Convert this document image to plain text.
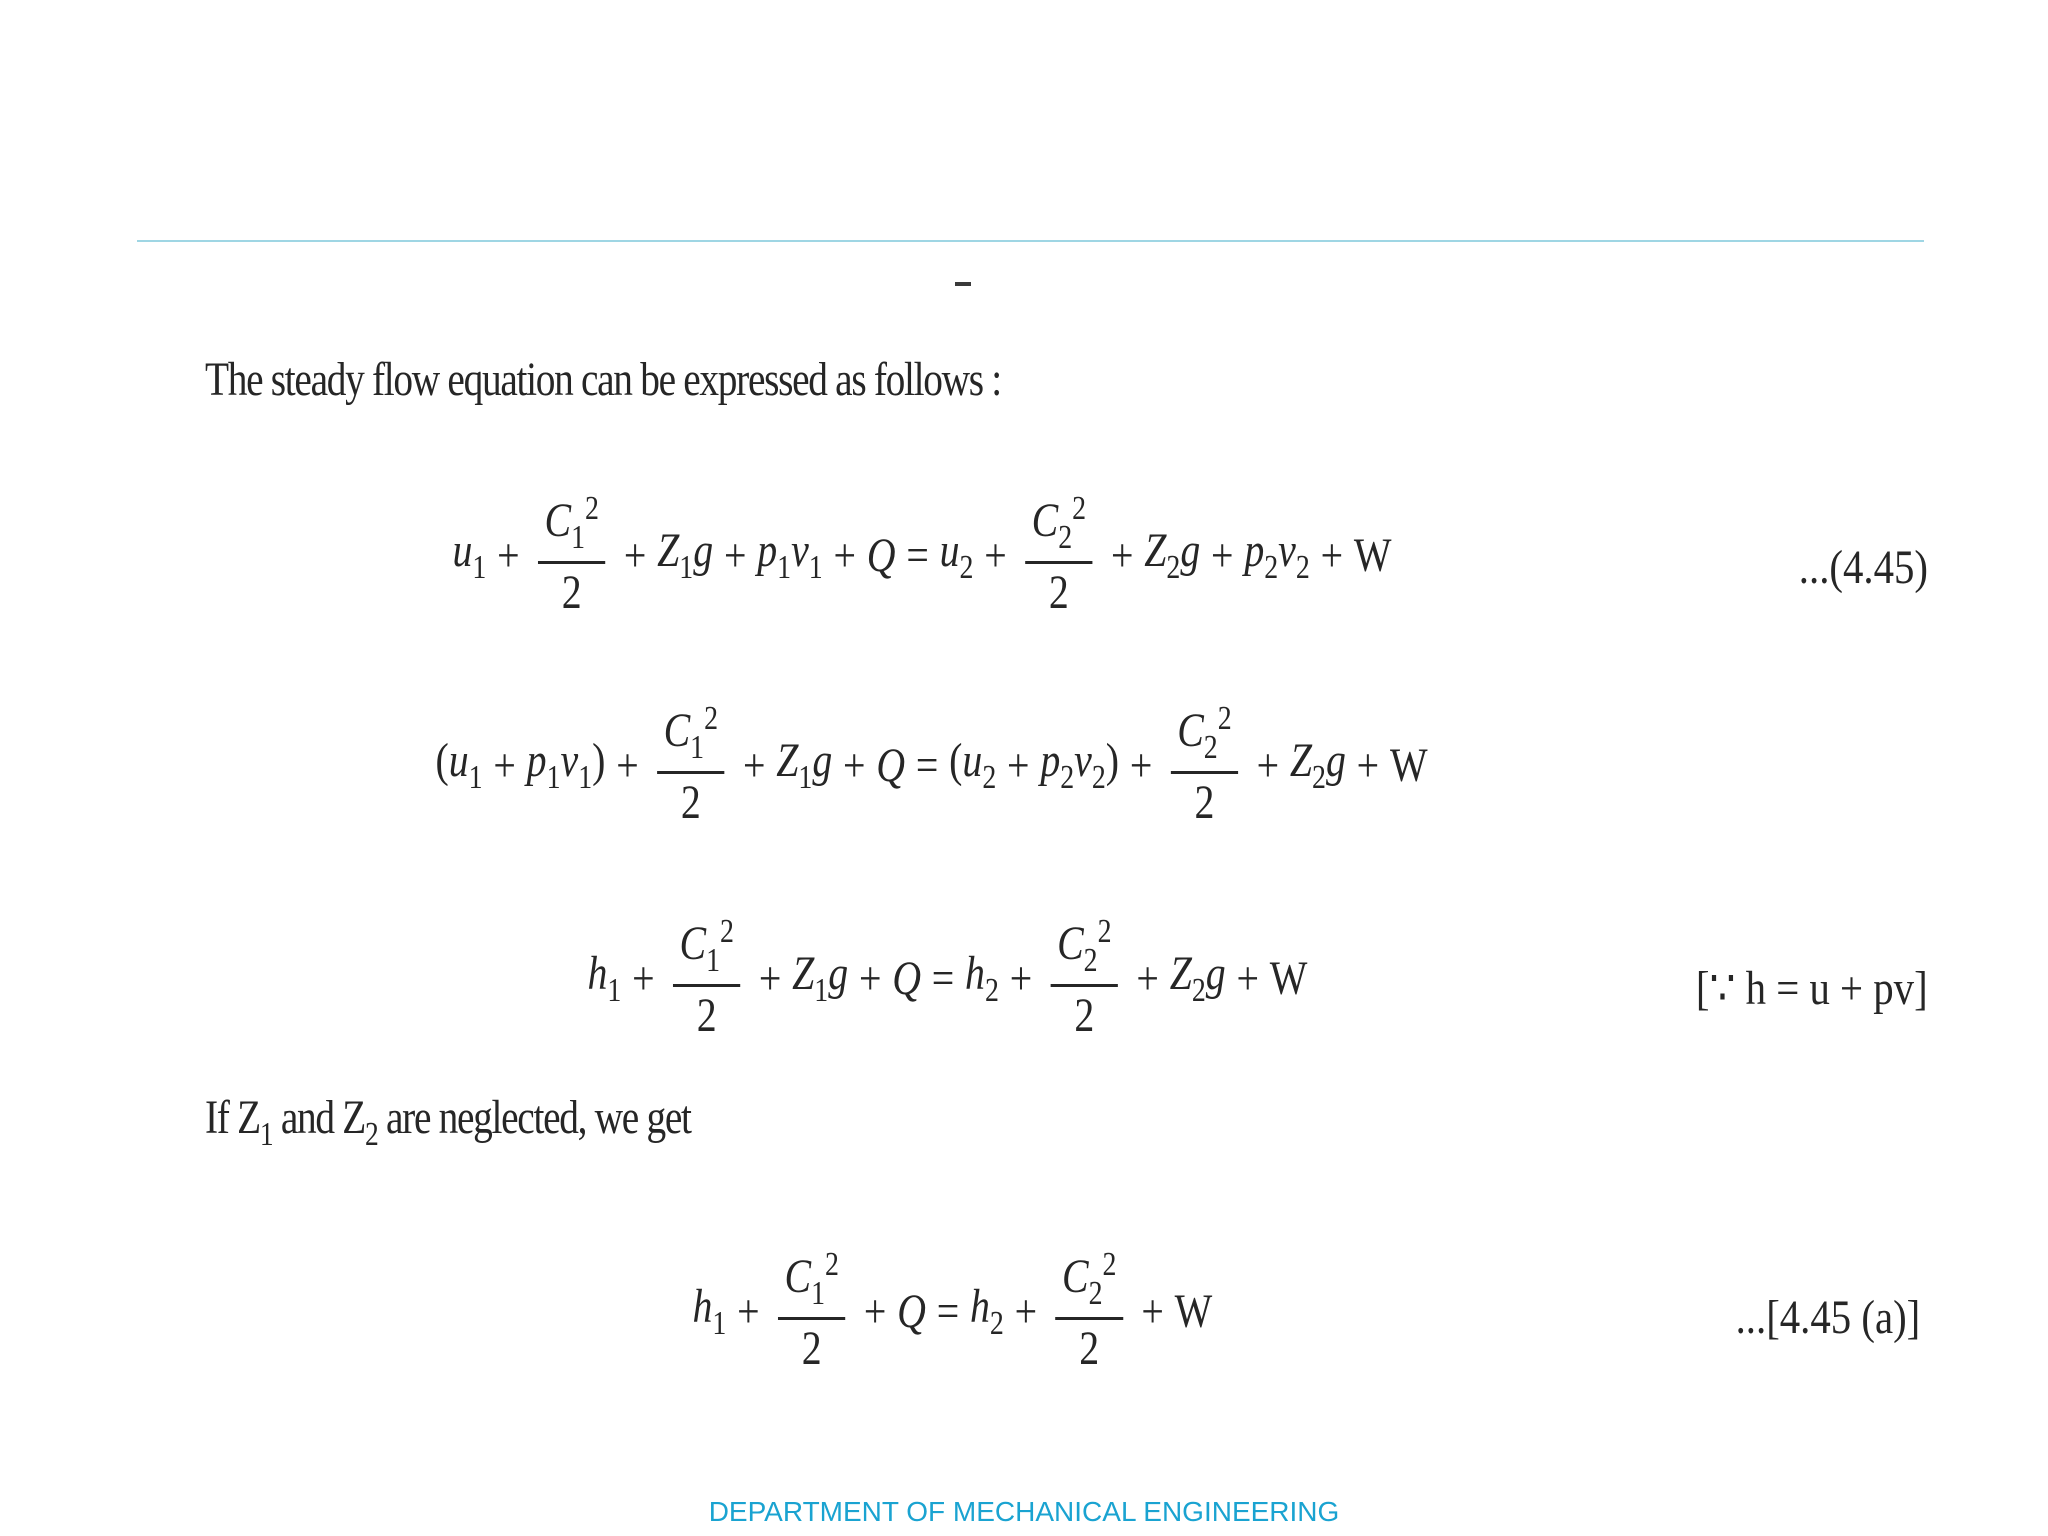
The steady flow equation can be expressed as follows :
$u_1 + \frac{C_1^2}{2} + Z_1g + p_1v_1 + Q = u_2 + \frac{C_2^2}{2} + Z_2g + p_2v_2 + W$	...(4.45)
$(u_1 + p_1v_1) + \frac{C_1^2}{2} + Z_1g + Q = (u_2 + p_2v_2) + \frac{C_2^2}{2} + Z_2g + W$
$h_1 + \frac{C_1^2}{2} + Z_1g + Q = h_2 + \frac{C_2^2}{2} + Z_2g + W$	[∵ h = u + pv]
If $Z_1$ and $Z_2$ are neglected, we get
$h_1 + \frac{C_1^2}{2} + Q = h_2 + \frac{C_2^2}{2} + W$	...[4.45 (a)]
DEPARTMENT OF MECHANICAL ENGINEERING
